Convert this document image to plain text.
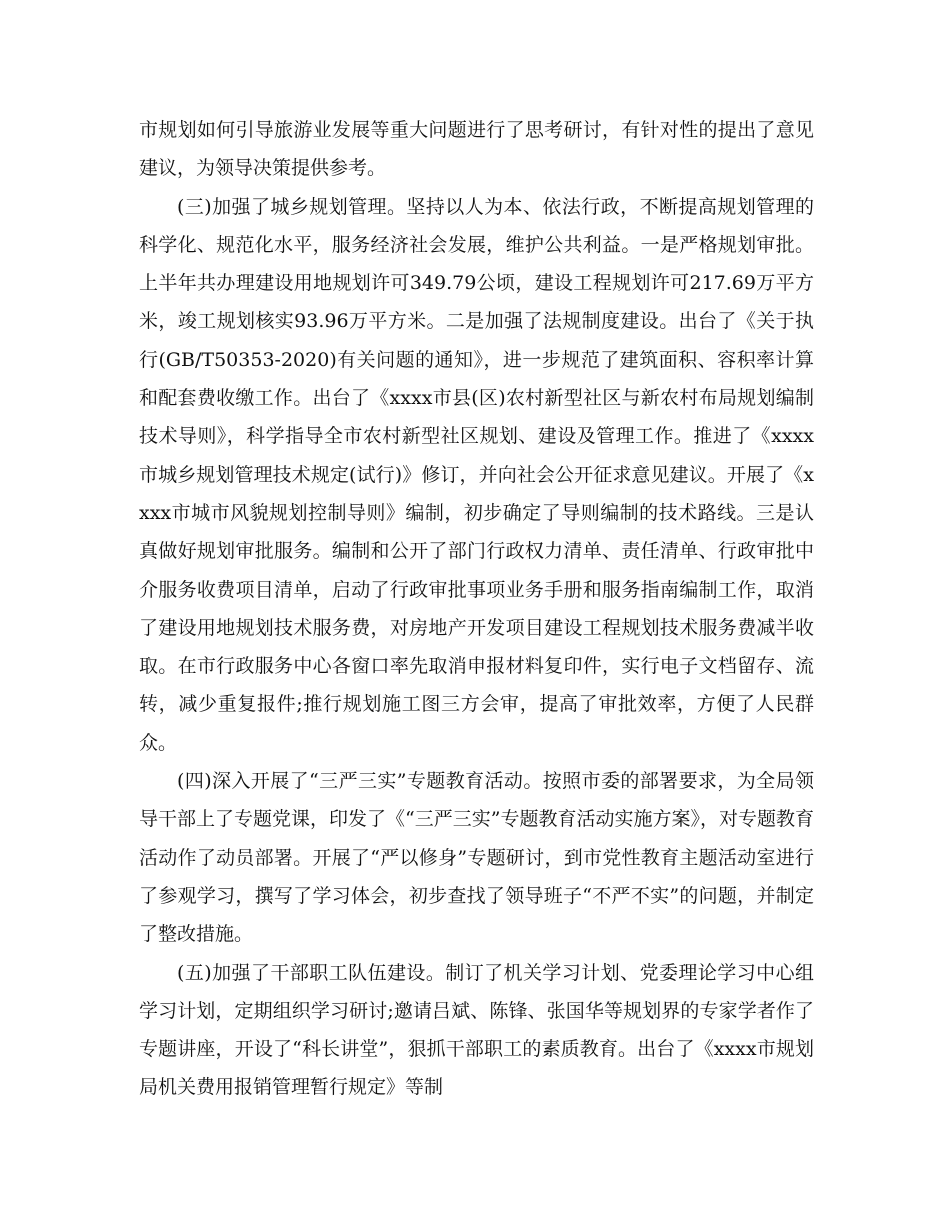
市规划如何引导旅游业发展等重大问题进行了思考研讨，有针对性的提出了意见建议，为领导决策提供参考。

(三)加强了城乡规划管理。坚持以人为本、依法行政，不断提高规划管理的科学化、规范化水平，服务经济社会发展，维护公共利益。一是严格规划审批。上半年共办理建设用地规划许可349.79公顷，建设工程规划许可217.69万平方米，竣工规划核实93.96万平方米。二是加强了法规制度建设。出台了《关于执行(GB/T50353-2020)有关问题的通知》，进一步规范了建筑面积、容积率计算和配套费收缴工作。出台了《xxxx市县(区)农村新型社区与新农村布局规划编制技术导则》，科学指导全市农村新型社区规划、建设及管理工作。推进了《xxxx市城乡规划管理技术规定(试行)》修订，并向社会公开征求意见建议。开展了《xxxx市城市风貌规划控制导则》编制，初步确定了导则编制的技术路线。三是认真做好规划审批服务。编制和公开了部门行政权力清单、责任清单、行政审批中介服务收费项目清单，启动了行政审批事项业务手册和服务指南编制工作，取消了建设用地规划技术服务费，对房地产开发项目建设工程规划技术服务费减半收取。在市行政服务中心各窗口率先取消申报材料复印件，实行电子文档留存、流转，减少重复报件;推行规划施工图三方会审，提高了审批效率，方便了人民群众。

(四)深入开展了“三严三实”专题教育活动。按照市委的部署要求，为全局领导干部上了专题党课，印发了《“三严三实”专题教育活动实施方案》，对专题教育活动作了动员部署。开展了“严以修身”专题研讨，到市党性教育主题活动室进行了参观学习，撰写了学习体会，初步查找了领导班子“不严不实”的问题，并制定了整改措施。

(五)加强了干部职工队伍建设。制订了机关学习计划、党委理论学习中心组学习计划，定期组织学习研讨;邀请吕斌、陈锋、张国华等规划界的专家学者作了专题讲座，开设了“科长讲堂”，狠抓干部职工的素质教育。出台了《xxxx市规划局机关费用报销管理暂行规定》等制
